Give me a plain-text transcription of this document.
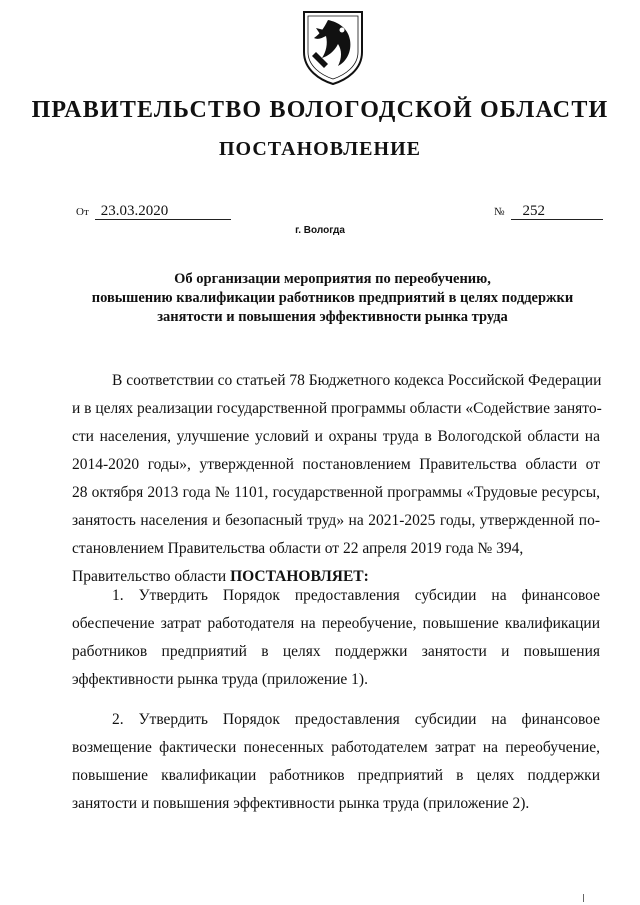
ПРАВИТЕЛЬСТВО ВОЛОГОДСКОЙ ОБЛАСТИ
ПОСТАНОВЛЕНИЕ
От 23.03.2020	№ 252
г. Вологда
Об организации мероприятия по переобучению,
повышению квалификации работников предприятий в целях поддержки
занятости и повышения эффективности рынка труда
В соответствии со статьей 78 Бюджетного кодекса Российской Федерации
и в целях реализации государственной программы области «Содействие занято-
сти населения, улучшение условий и охраны труда в Вологодской области на
2014-2020 годы», утвержденной постановлением Правительства области от
28 октября 2013 года № 1101, государственной программы «Трудовые ресурсы,
занятость населения и безопасный труд» на 2021-2025 годы, утвержденной по-
становлением Правительства области от 22 апреля 2019 года № 394,
Правительство области ПОСТАНОВЛЯЕТ:
1. Утвердить Порядок предоставления субсидии на финансовое
обеспечение затрат работодателя на переобучение, повышение квалификации
работников предприятий в целях поддержки занятости и повышения
эффективности рынка труда (приложение 1).
2. Утвердить Порядок предоставления субсидии на финансовое
возмещение фактически понесенных работодателем затрат на переобучение,
повышение квалификации работников предприятий в целях поддержки
занятости и повышения эффективности рынка труда (приложение 2).
